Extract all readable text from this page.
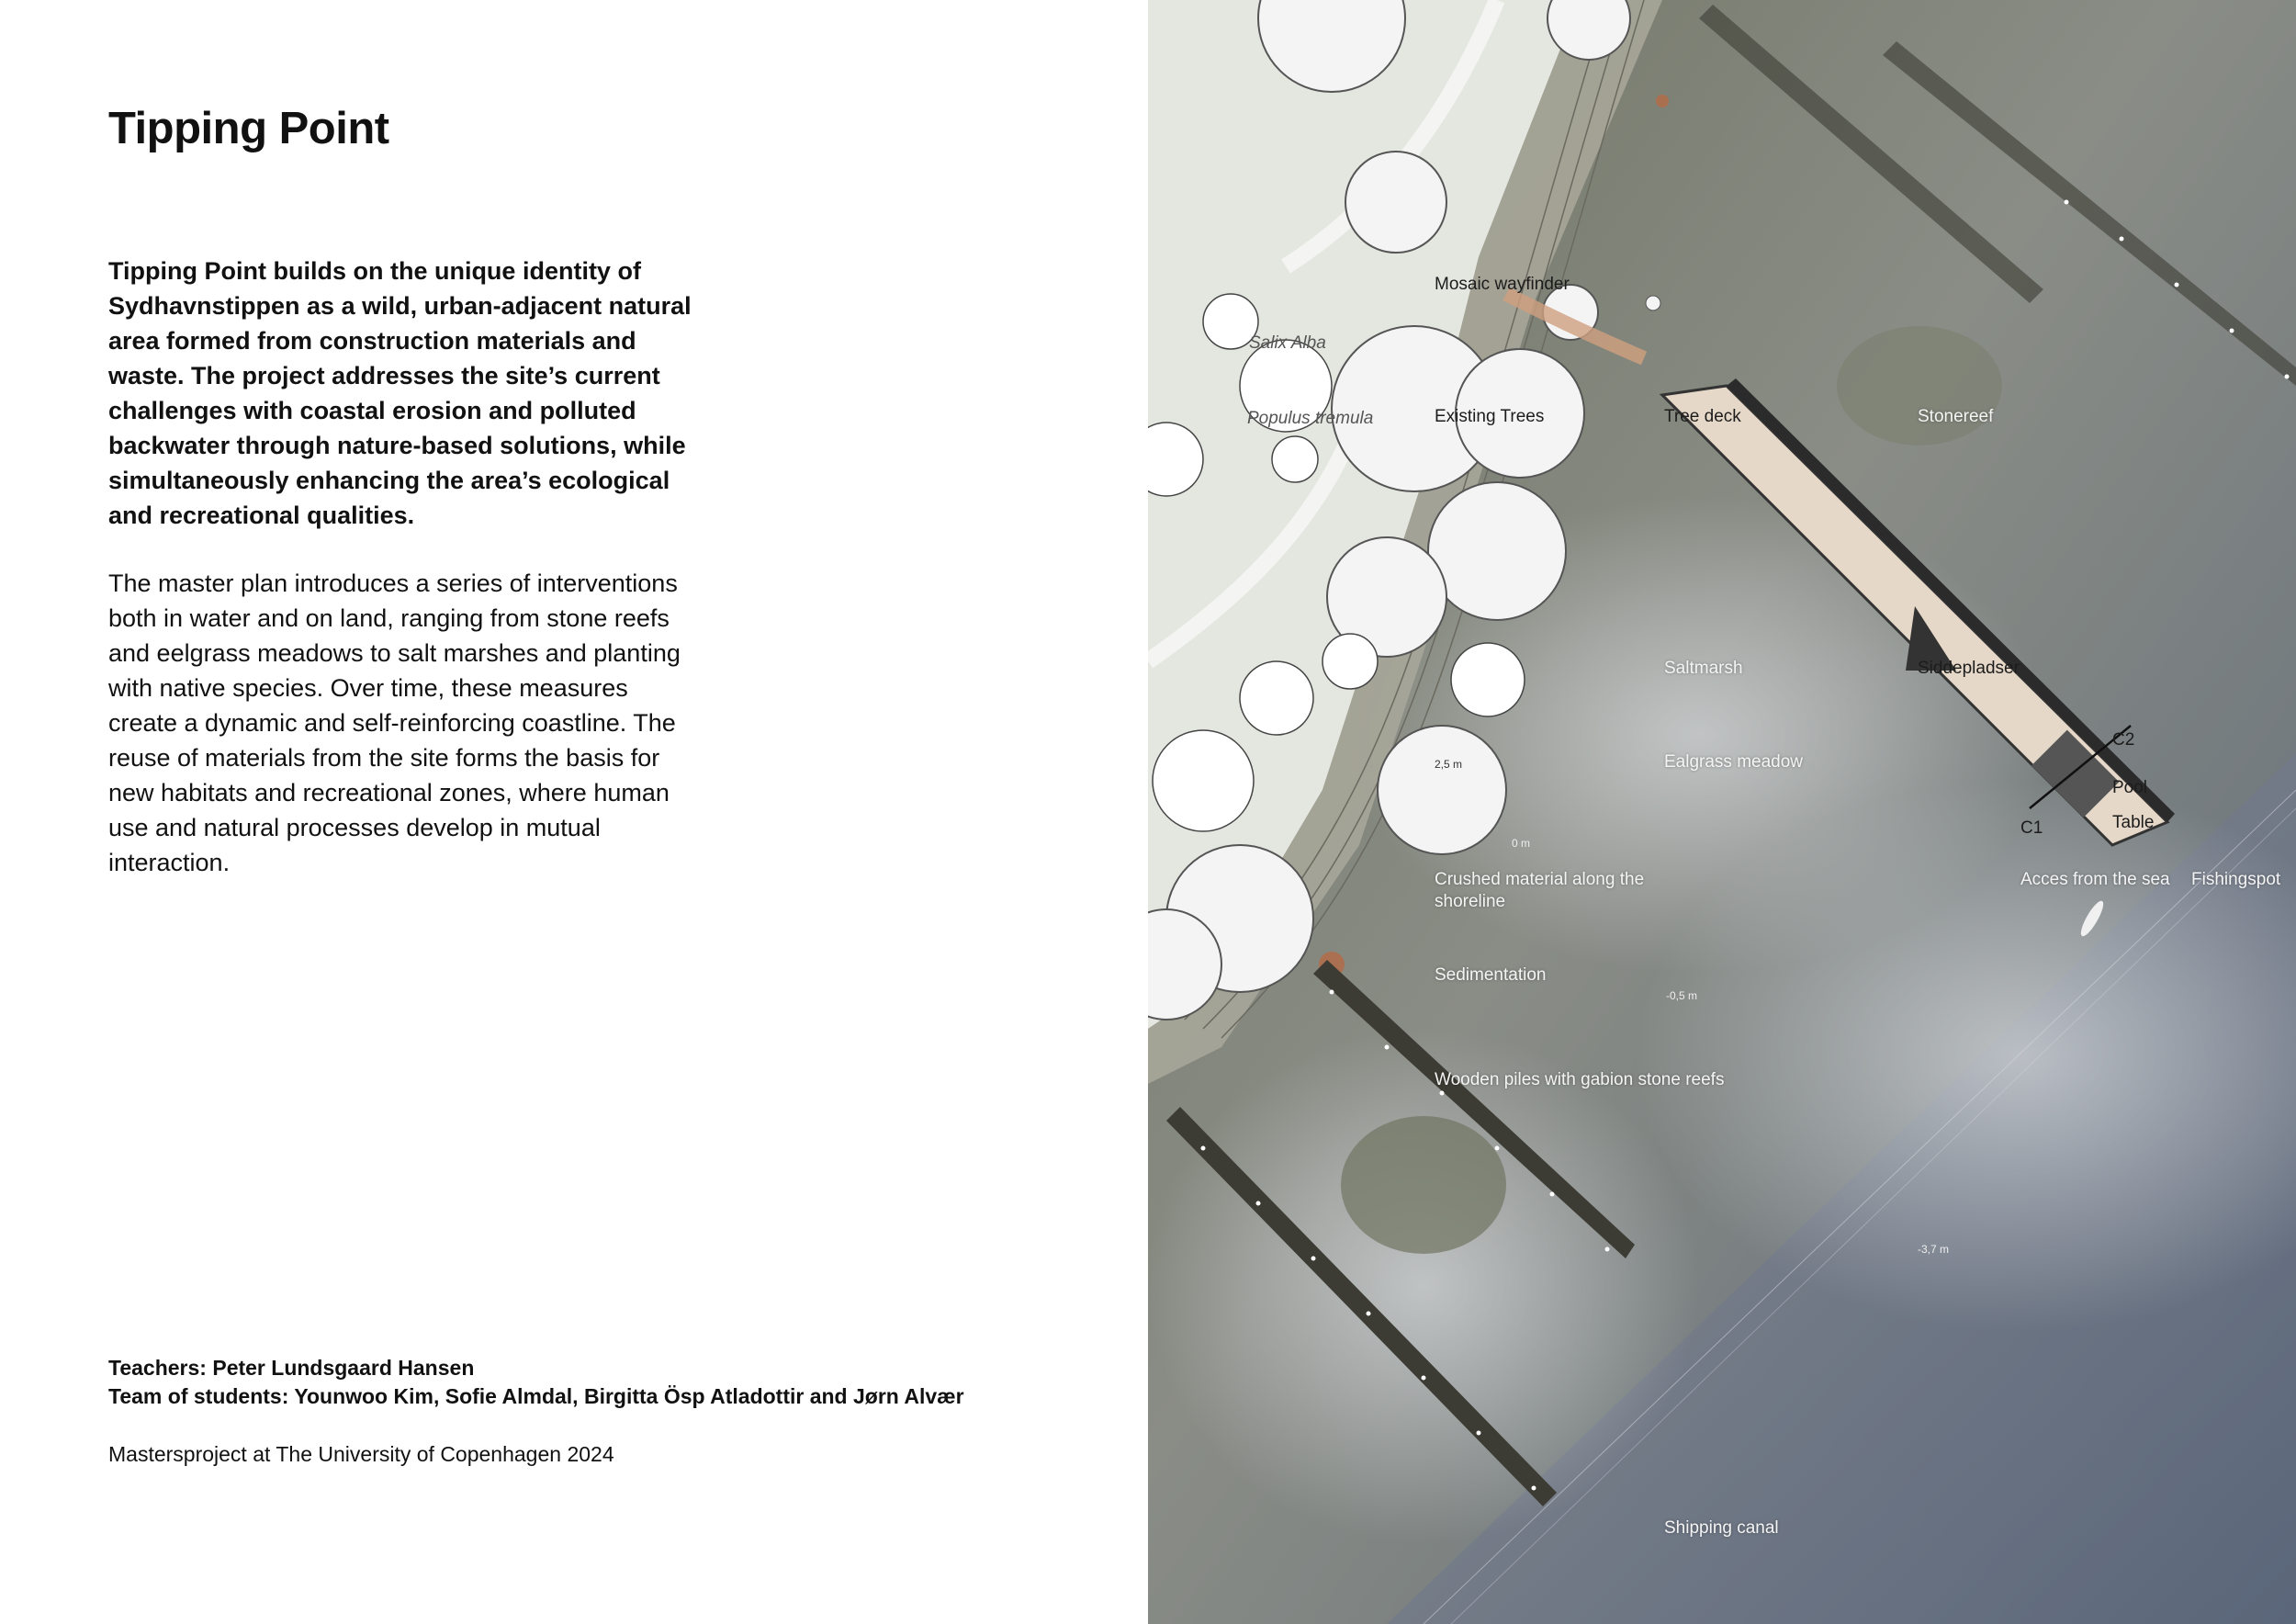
Tipping Point

Tipping Point builds on the unique identity of Sydhavnstippen as a wild, urban-adjacent natural area formed from construction materials and waste. The project addresses the site’s current challenges with coastal erosion and polluted backwater through nature-based solutions, while simultaneously enhancing the area’s ecological and recreational qualities.

The master plan introduces a series of interventions both in water and on land, ranging from stone reefs and eelgrass meadows to salt marshes and planting with native species. Over time, these measures create a dynamic and self-reinforcing coastline. The reuse of materials from the site forms the basis for new habitats and recreational zones, where human use and natural processes develop in mutual interaction.

Teachers: Peter Lundsgaard Hansen
Team of students: Younwoo Kim, Sofie Almdal, Birgitta Ösp Atladottir and Jørn Alvær

Mastersproject at The University of Copenhagen 2024

Mosaic wayfinder
Salix Alba
Populus tremula	Existing Trees	Tree deck	Stonereef
Saltmarsh	Siddepladser
Ealgrass meadow
C2
Pool
C1	Table
Crushed material along the shoreline
Acces from the sea	Fishingspot
Sedimentation
Wooden piles with gabion stone reefs
Shipping canal
2,5 m
0 m
-0,5 m
-3,7 m
